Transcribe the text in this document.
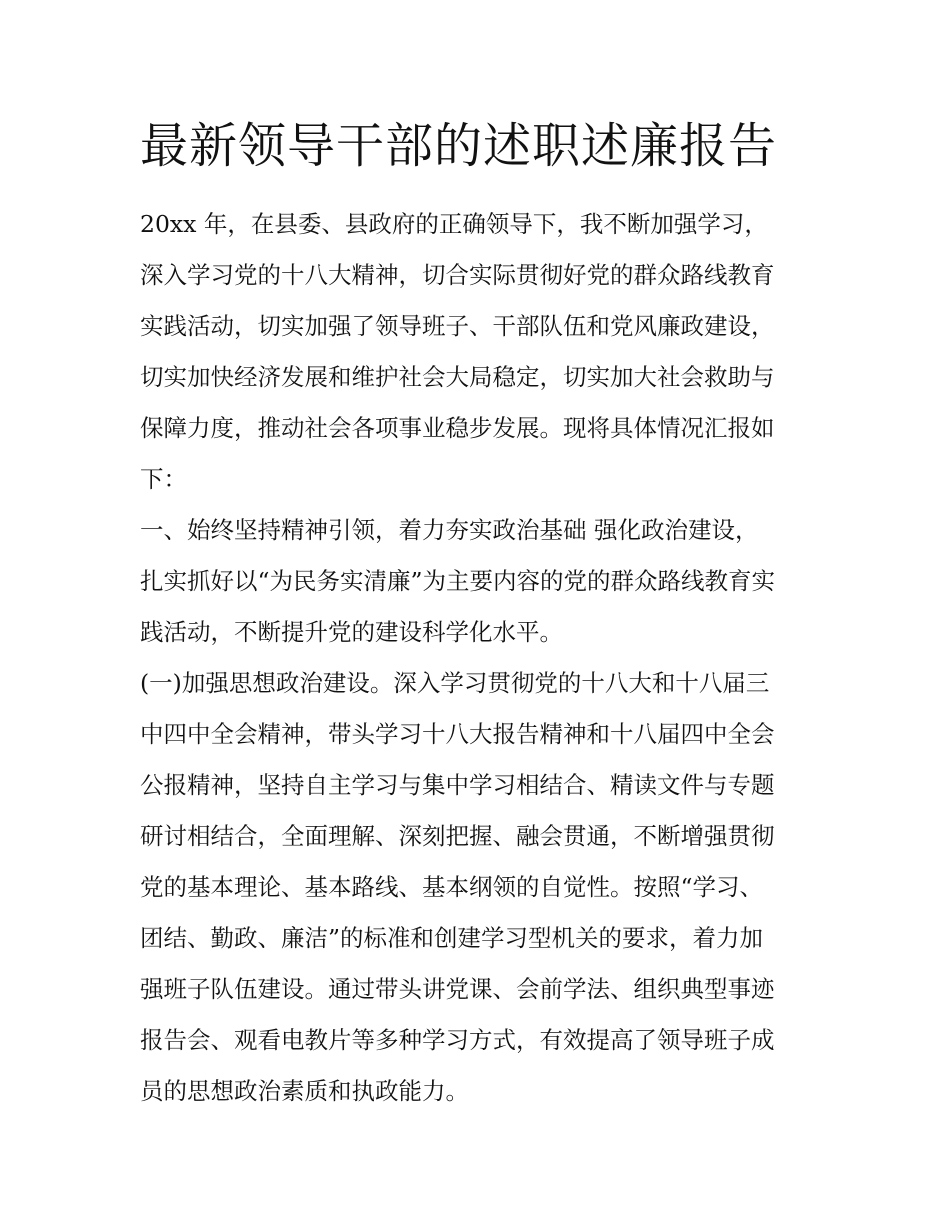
最新领导干部的述职述廉报告
20xx 年，在县委、县政府的正确领导下，我不断加强学习，
深入学习党的十八大精神，切合实际贯彻好党的群众路线教育
实践活动，切实加强了领导班子、干部队伍和党风廉政建设，
切实加快经济发展和维护社会大局稳定，切实加大社会救助与
保障力度，推动社会各项事业稳步发展。现将具体情况汇报如
下：
一、始终坚持精神引领，着力夯实政治基础 强化政治建设，
扎实抓好以“为民务实清廉”为主要内容的党的群众路线教育实
践活动，不断提升党的建设科学化水平。
(一)加强思想政治建设。深入学习贯彻党的十八大和十八届三
中四中全会精神，带头学习十八大报告精神和十八届四中全会
公报精神，坚持自主学习与集中学习相结合、精读文件与专题
研讨相结合，全面理解、深刻把握、融会贯通，不断增强贯彻
党的基本理论、基本路线、基本纲领的自觉性。按照“学习、
团结、勤政、廉洁”的标准和创建学习型机关的要求，着力加
强班子队伍建设。通过带头讲党课、会前学法、组织典型事迹
报告会、观看电教片等多种学习方式，有效提高了领导班子成
员的思想政治素质和执政能力。
